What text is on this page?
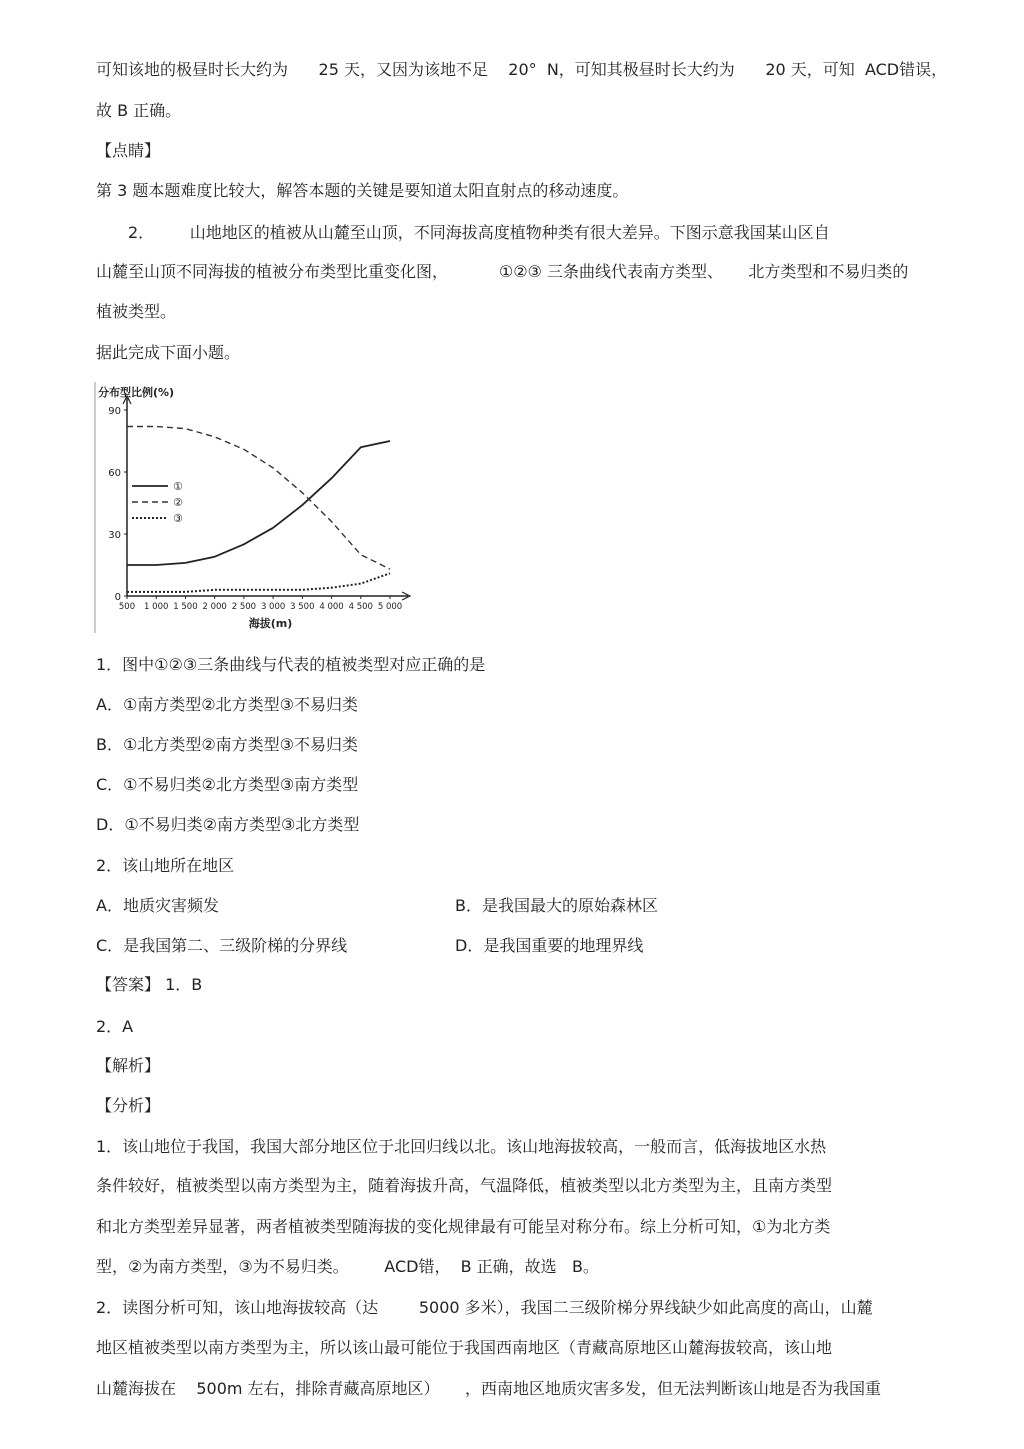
可知该地的极昼时长大约为      25 天，又因为该地不足    20°  N，可知其极昼时长大约为      20 天，可知  ACD错误，
故 B 正确。
【点睛】
第 3 题本题难度比较大，解答本题的关键是要知道太阳直射点的移动速度。
2．       山地地区的植被从山麓至山顶，不同海拔高度植物种类有很大差异。下图示意我国某山区自
山麓至山顶不同海拔的植被分布类型比重变化图，          ①②③ 三条曲线代表南方类型、     北方类型和不易归类的
植被类型。
据此完成下面小题。
分布型比例(%)
0
30
60
90
500 1 000 1 500 2 000 2 500 3 000 3 500 4 000 4 500 5 000
海拔(m)
①
②
③
1．图中①②③三条曲线与代表的植被类型对应正确的是
A．①南方类型②北方类型③不易归类
B．①北方类型②南方类型③不易归类
C．①不易归类②北方类型③南方类型
D．①不易归类②南方类型③北方类型
2．该山地所在地区
A．地质灾害频发	B．是我国最大的原始森林区
C．是我国第二、三级阶梯的分界线	D．是我国重要的地理界线
【答案】 1．B
2．A
【解析】
【分析】
1．该山地位于我国，我国大部分地区位于北回归线以北。该山地海拔较高，一般而言，低海拔地区水热
条件较好，植被类型以南方类型为主，随着海拔升高，气温降低，植被类型以北方类型为主，且南方类型
和北方类型差异显著，两者植被类型随海拔的变化规律最有可能呈对称分布。综上分析可知，①为北方类
型，②为南方类型，③为不易归类。       ACD错，  B 正确，故选   B。
2．读图分析可知，该山地海拔较高（达        5000 多米），我国二三级阶梯分界线缺少如此高度的高山，山麓
地区植被类型以南方类型为主，所以该山最可能位于我国西南地区（青藏高原地区山麓海拔较高，该山地
山麓海拔在    500m 左右，排除青藏高原地区）     ，西南地区地质灾害多发，但无法判断该山地是否为我国重
